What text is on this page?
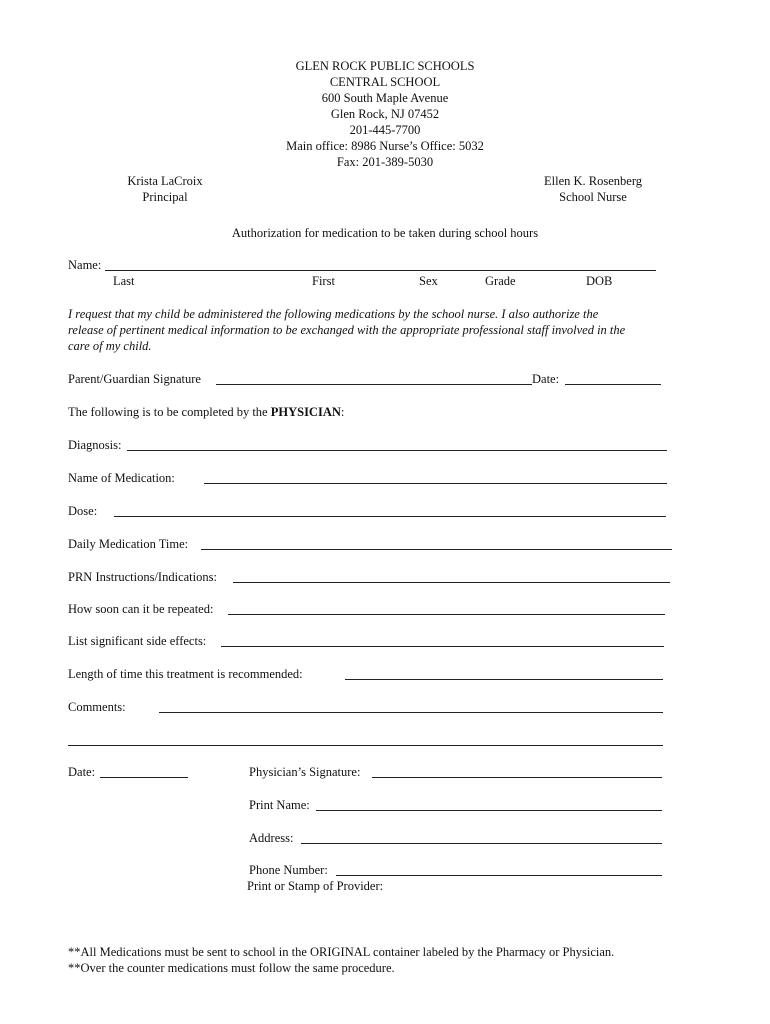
GLEN ROCK PUBLIC SCHOOLS
CENTRAL SCHOOL
600 South Maple Avenue
Glen Rock, NJ 07452
201-445-7700
Main office: 8986 Nurse’s Office: 5032
Fax: 201-389-5030
Krista LaCroix
Principal
Ellen K. Rosenberg
School Nurse
Authorization for medication to be taken during school hours
Name:
Last	First	Sex	Grade	DOB
I request that my child be administered the following medications by the school nurse. I also authorize the
release of pertinent medical information to be exchanged with the appropriate professional staff involved in the
care of my child.
Parent/Guardian Signature	Date:
The following is to be completed by the PHYSICIAN:
Diagnosis:
Name of Medication:
Dose:
Daily Medication Time:
PRN Instructions/Indications:
How soon can it be repeated:
List significant side effects:
Length of time this treatment is recommended:
Comments:
Date:	Physician’s Signature:
Print Name:
Address:
Phone Number:
Print or Stamp of Provider:
**All Medications must be sent to school in the ORIGINAL container labeled by the Pharmacy or Physician.
**Over the counter medications must follow the same procedure.
